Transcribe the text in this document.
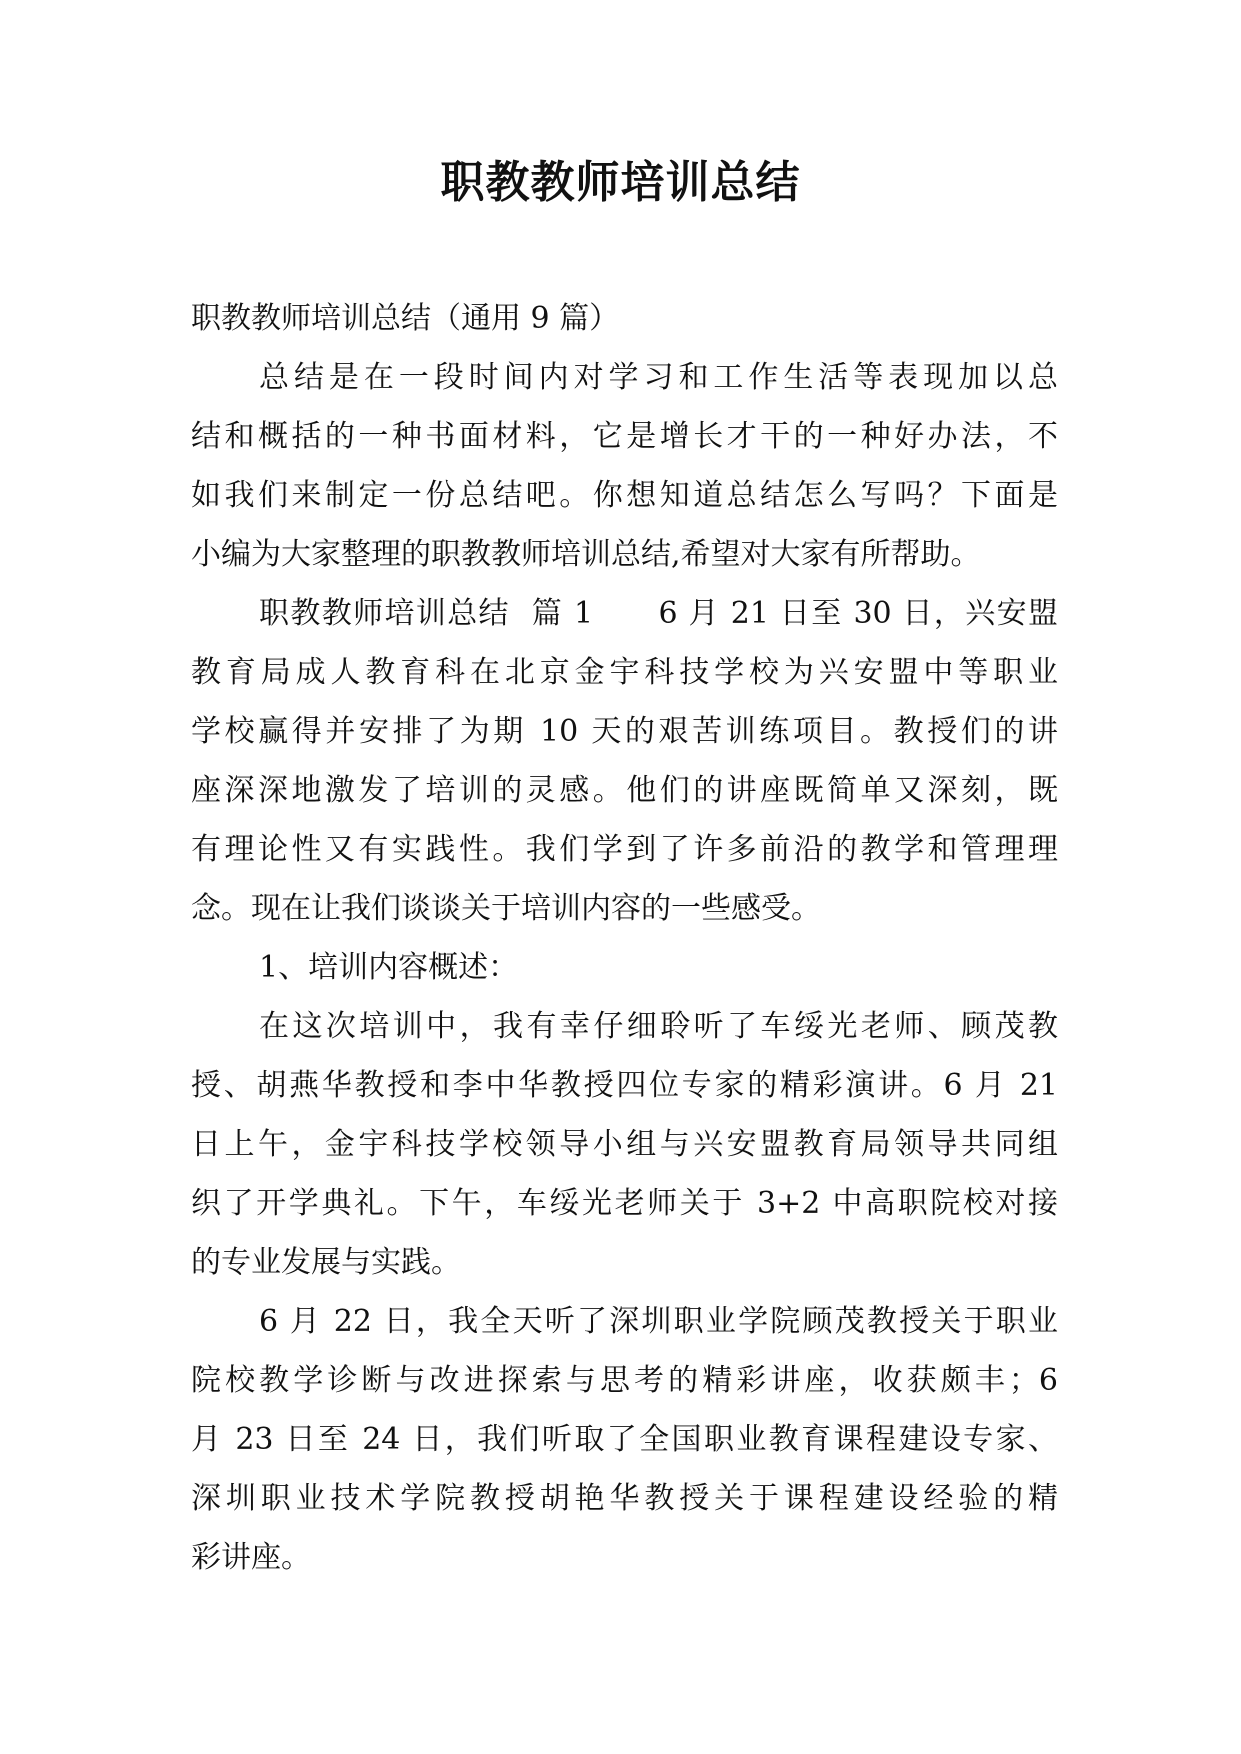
职教教师培训总结
职教教师培训总结（通用 9 篇）
总结是在一段时间内对学习和工作生活等表现加以总
结和概括的一种书面材料，它是增长才干的一种好办法，不
如我们来制定一份总结吧。你想知道总结怎么写吗？下面是
小编为大家整理的职教教师培训总结,希望对大家有所帮助。
职教教师培训总结  篇 1      6 月 21 日至 30 日，兴安盟
教育局成人教育科在北京金宇科技学校为兴安盟中等职业
学校赢得并安排了为期 10 天的艰苦训练项目。教授们的讲
座深深地激发了培训的灵感。他们的讲座既简单又深刻，既
有理论性又有实践性。我们学到了许多前沿的教学和管理理
念。现在让我们谈谈关于培训内容的一些感受。
1、培训内容概述：
在这次培训中，我有幸仔细聆听了车绥光老师、顾茂教
授、胡燕华教授和李中华教授四位专家的精彩演讲。6 月 21
日上午，金宇科技学校领导小组与兴安盟教育局领导共同组
织了开学典礼。下午，车绥光老师关于 3+2 中高职院校对接
的专业发展与实践。
6 月 22 日，我全天听了深圳职业学院顾茂教授关于职业
院校教学诊断与改进探索与思考的精彩讲座，收获颇丰；6
月 23 日至 24 日，我们听取了全国职业教育课程建设专家、
深圳职业技术学院教授胡艳华教授关于课程建设经验的精
彩讲座。
